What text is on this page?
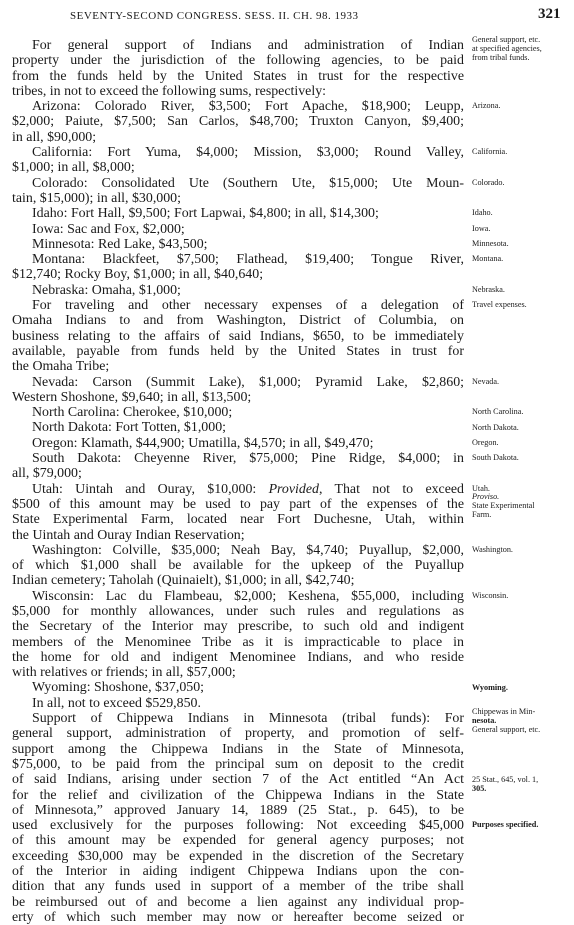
SEVENTY-SECOND CONGRESS. SESS. II. CH. 98. 1933	321
For general support of Indians and administration of Indian
property under the jurisdiction of the following agencies, to be paid
from the funds held by the United States in trust for the respective
tribes, in not to exceed the following sums, respectively:
Arizona: Colorado River, $3,500; Fort Apache, $18,900; Leupp,
$2,000; Paiute, $7,500; San Carlos, $48,700; Truxton Canyon, $9,400;
in all, $90,000;
California: Fort Yuma, $4,000; Mission, $3,000; Round Valley,
$1,000; in all, $8,000;
Colorado: Consolidated Ute (Southern Ute, $15,000; Ute Moun-
tain, $15,000); in all, $30,000;
Idaho: Fort Hall, $9,500; Fort Lapwai, $4,800; in all, $14,300;
Iowa: Sac and Fox, $2,000;
Minnesota: Red Lake, $43,500;
Montana: Blackfeet, $7,500; Flathead, $19,400; Tongue River,
$12,740; Rocky Boy, $1,000; in all, $40,640;
Nebraska: Omaha, $1,000;
For traveling and other necessary expenses of a delegation of
Omaha Indians to and from Washington, District of Columbia, on
business relating to the affairs of said Indians, $650, to be immediately
available, payable from funds held by the United States in trust for
the Omaha Tribe;
Nevada: Carson (Summit Lake), $1,000; Pyramid Lake, $2,860;
Western Shoshone, $9,640; in all, $13,500;
North Carolina: Cherokee, $10,000;
North Dakota: Fort Totten, $1,000;
Oregon: Klamath, $44,900; Umatilla, $4,570; in all, $49,470;
South Dakota: Cheyenne River, $75,000; Pine Ridge, $4,000; in
all, $79,000;
Utah: Uintah and Ouray, $10,000: Provided, That not to exceed
$500 of this amount may be used to pay part of the expenses of the
State Experimental Farm, located near Fort Duchesne, Utah, within
the Uintah and Ouray Indian Reservation;
Washington: Colville, $35,000; Neah Bay, $4,740; Puyallup, $2,000,
of which $1,000 shall be available for the upkeep of the Puyallup
Indian cemetery; Taholah (Quinaielt), $1,000; in all, $42,740;
Wisconsin: Lac du Flambeau, $2,000; Keshena, $55,000, including
$5,000 for monthly allowances, under such rules and regulations as
the Secretary of the Interior may prescribe, to such old and indigent
members of the Menominee Tribe as it is impracticable to place in
the home for old and indigent Menominee Indians, and who reside
with relatives or friends; in all, $57,000;
Wyoming: Shoshone, $37,050;
In all, not to exceed $529,850.
Support of Chippewa Indians in Minnesota (tribal funds): For
general support, administration of property, and promotion of self-
support among the Chippewa Indians in the State of Minnesota,
$75,000, to be paid from the principal sum on deposit to the credit
of said Indians, arising under section 7 of the Act entitled “An Act
for the relief and civilization of the Chippewa Indians in the State
of Minnesota,” approved January 14, 1889 (25 Stat., p. 645), to be
used exclusively for the purposes following: Not exceeding $45,000
of this amount may be expended for general agency purposes; not
exceeding $30,000 may be expended in the discretion of the Secretary
of the Interior in aiding indigent Chippewa Indians upon the con-
dition that any funds used in support of a member of the tribe shall
be reimbursed out of and become a lien against any individual prop-
erty of which such member may now or hereafter become seized or
General support, etc.
at specified agencies,
from tribal funds.
Arizona.
California.
Colorado.
Idaho.
Iowa.
Minnesota.
Montana.
Nebraska.
Travel expenses.
Nevada.
North Carolina.
North Dakota.
Oregon.
South Dakota.
Utah.
Proviso.
State Experimental
Farm.
Washington.
Wisconsin.
Wyoming.
Chippewas in Min-
nesota.
General support, etc.
25 Stat., 645, vol. 1,
305.
Purposes specified.
